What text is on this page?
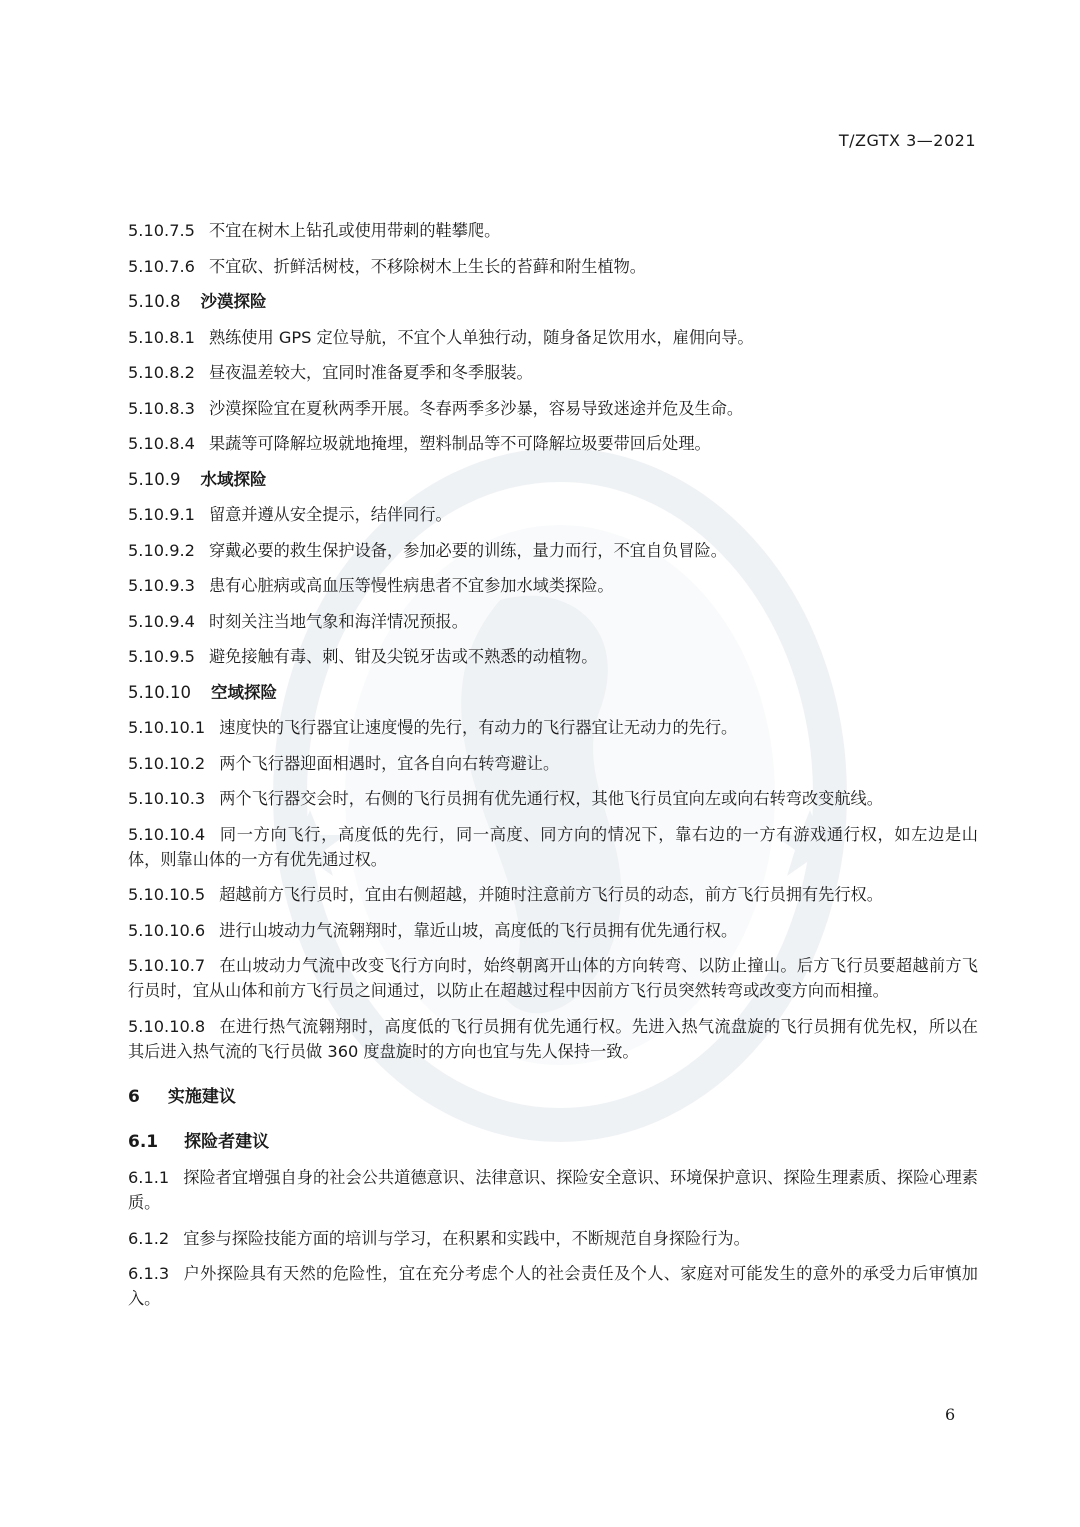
T/ZGTX 3—2021
5.10.7.5 不宜在树木上钻孔或使用带刺的鞋攀爬。
5.10.7.6 不宜砍、折鲜活树枝，不移除树木上生长的苔藓和附生植物。
5.10.8 沙漠探险
5.10.8.1 熟练使用 GPS 定位导航，不宜个人单独行动，随身备足饮用水，雇佣向导。
5.10.8.2 昼夜温差较大，宜同时准备夏季和冬季服装。
5.10.8.3 沙漠探险宜在夏秋两季开展。冬春两季多沙暴，容易导致迷途并危及生命。
5.10.8.4 果蔬等可降解垃圾就地掩埋，塑料制品等不可降解垃圾要带回后处理。
5.10.9 水域探险
5.10.9.1 留意并遵从安全提示，结伴同行。
5.10.9.2 穿戴必要的救生保护设备，参加必要的训练，量力而行，不宜自负冒险。
5.10.9.3 患有心脏病或高血压等慢性病患者不宜参加水域类探险。
5.10.9.4 时刻关注当地气象和海洋情况预报。
5.10.9.5 避免接触有毒、刺、钳及尖锐牙齿或不熟悉的动植物。
5.10.10 空域探险
5.10.10.1 速度快的飞行器宜让速度慢的先行，有动力的飞行器宜让无动力的先行。
5.10.10.2 两个飞行器迎面相遇时，宜各自向右转弯避让。
5.10.10.3 两个飞行器交会时，右侧的飞行员拥有优先通行权，其他飞行员宜向左或向右转弯改变航线。
5.10.10.4 同一方向飞行，高度低的先行，同一高度、同方向的情况下，靠右边的一方有游戏通行权，如左边是山体，则靠山体的一方有优先通过权。
5.10.10.5 超越前方飞行员时，宜由右侧超越，并随时注意前方飞行员的动态，前方飞行员拥有先行权。
5.10.10.6 进行山坡动力气流翱翔时，靠近山坡，高度低的飞行员拥有优先通行权。
5.10.10.7 在山坡动力气流中改变飞行方向时，始终朝离开山体的方向转弯、以防止撞山。后方飞行员要超越前方飞行员时，宜从山体和前方飞行员之间通过，以防止在超越过程中因前方飞行员突然转弯或改变方向而相撞。
5.10.10.8 在进行热气流翱翔时，高度低的飞行员拥有优先通行权。先进入热气流盘旋的飞行员拥有优先权，所以在其后进入热气流的飞行员做 360 度盘旋时的方向也宜与先人保持一致。
6 实施建议
6.1 探险者建议
6.1.1 探险者宜增强自身的社会公共道德意识、法律意识、探险安全意识、环境保护意识、探险生理素质、探险心理素质。
6.1.2 宜参与探险技能方面的培训与学习，在积累和实践中，不断规范自身探险行为。
6.1.3 户外探险具有天然的危险性，宜在充分考虑个人的社会责任及个人、家庭对可能发生的意外的承受力后审慎加入。
6
